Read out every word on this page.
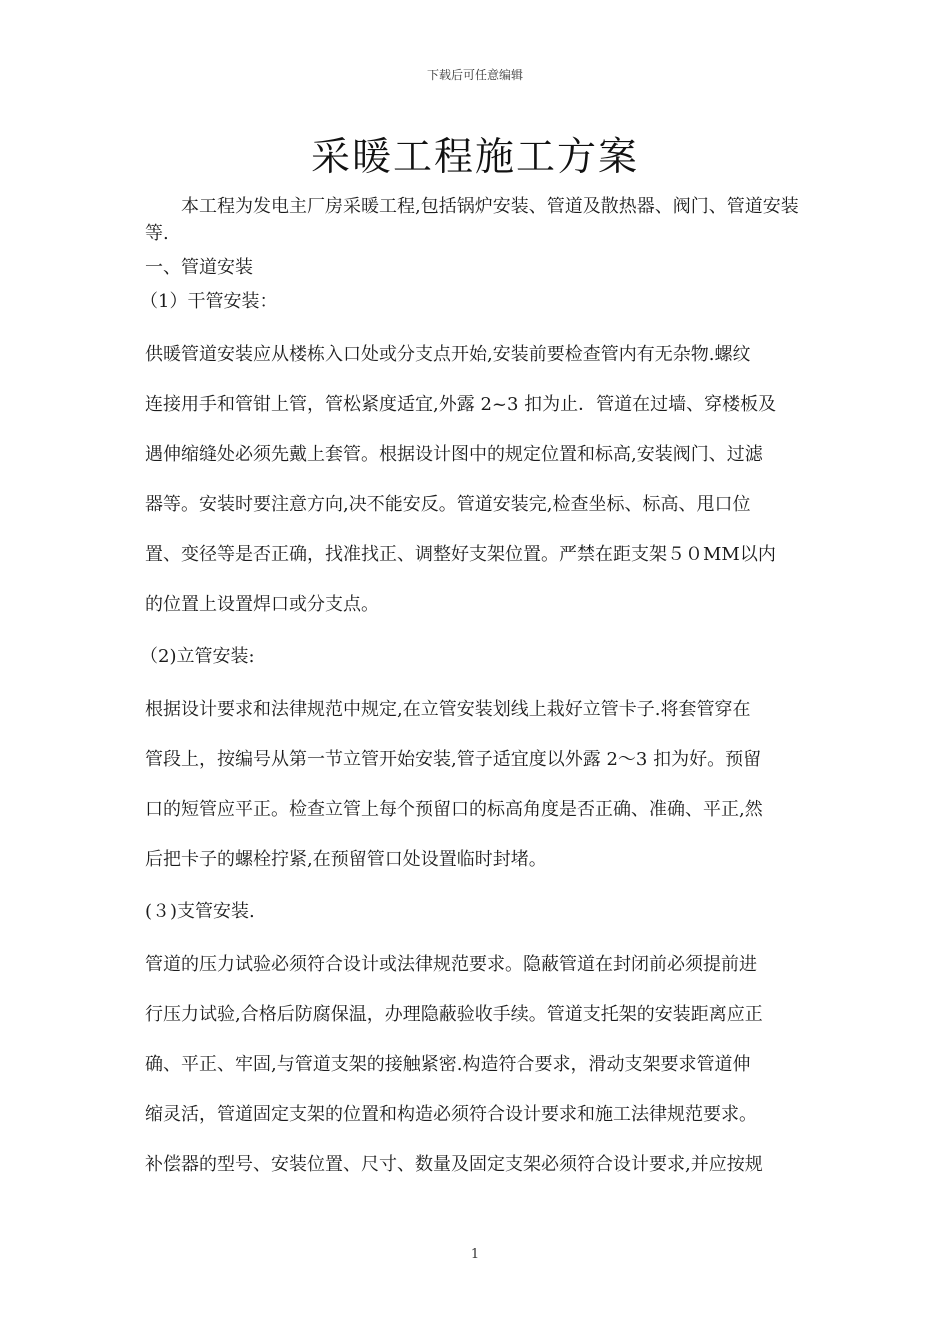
下载后可任意编辑
采暖工程施工方案
本工程为发电主厂房采暖工程,包括锅炉安装、管道及散热器、阀门、管道安装等.
一、管道安装
（1）干管安装：
供暖管道安装应从楼栋入口处或分支点开始,安装前要检查管内有无杂物.螺纹
连接用手和管钳上管，管松紧度适宜,外露 2~3 扣为止．管道在过墙、穿楼板及
遇伸缩缝处必须先戴上套管。根据设计图中的规定位置和标高,安装阀门、过滤
器等。安装时要注意方向,决不能安反。管道安装完,检查坐标、标高、甩口位
置、变径等是否正确，找准找正、调整好支架位置。严禁在距支架５０MM以内
的位置上设置焊口或分支点。
（2)立管安装:
根据设计要求和法律规范中规定,在立管安装划线上栽好立管卡子.将套管穿在
管段上，按编号从第一节立管开始安装,管子适宜度以外露 2～3 扣为好。预留
口的短管应平正。检查立管上每个预留口的标高角度是否正确、准确、平正,然
后把卡子的螺栓拧紧,在预留管口处设置临时封堵。
(３)支管安装.
管道的压力试验必须符合设计或法律规范要求。隐蔽管道在封闭前必须提前进
行压力试验,合格后防腐保温，办理隐蔽验收手续。管道支托架的安装距离应正
确、平正、牢固,与管道支架的接触紧密.构造符合要求，滑动支架要求管道伸
缩灵活，管道固定支架的位置和构造必须符合设计要求和施工法律规范要求。
补偿器的型号、安装位置、尺寸、数量及固定支架必须符合设计要求,并应按规
1
